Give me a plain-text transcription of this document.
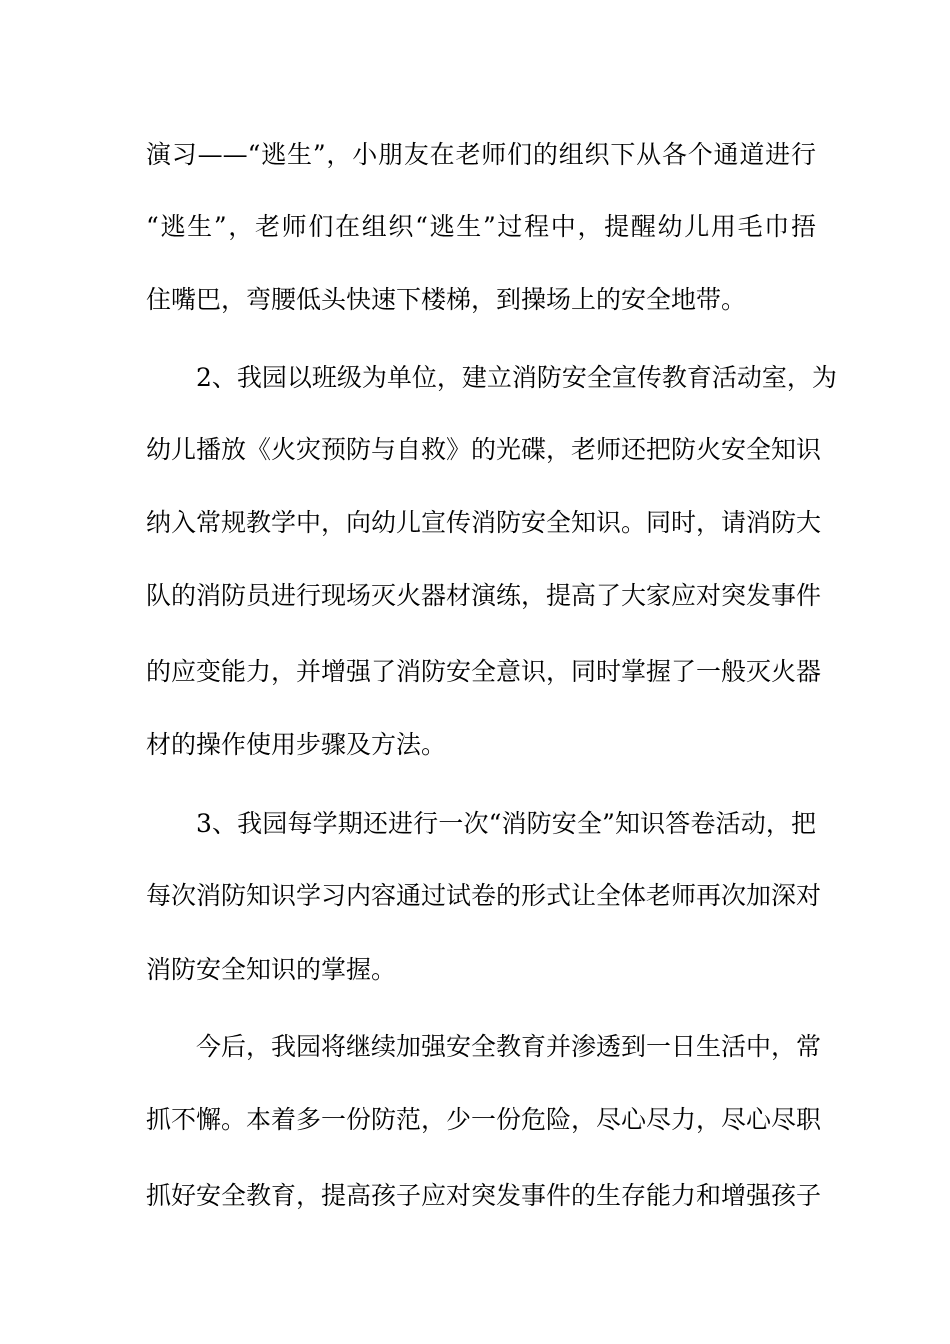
演习——“逃生”，小朋友在老师们的组织下从各个通道进行
“逃生”，老师们在组织“逃生”过程中，提醒幼儿用毛巾捂
住嘴巴，弯腰低头快速下楼梯，到操场上的安全地带。
2、我园以班级为单位，建立消防安全宣传教育活动室，为
幼儿播放《火灾预防与自救》的光碟，老师还把防火安全知识
纳入常规教学中，向幼儿宣传消防安全知识。同时，请消防大
队的消防员进行现场灭火器材演练，提高了大家应对突发事件
的应变能力，并增强了消防安全意识，同时掌握了一般灭火器
材的操作使用步骤及方法。
3、我园每学期还进行一次“消防安全”知识答卷活动，把
每次消防知识学习内容通过试卷的形式让全体老师再次加深对
消防安全知识的掌握。
今后，我园将继续加强安全教育并渗透到一日生活中，常
抓不懈。本着多一份防范，少一份危险，尽心尽力，尽心尽职
抓好安全教育，提高孩子应对突发事件的生存能力和增强孩子
